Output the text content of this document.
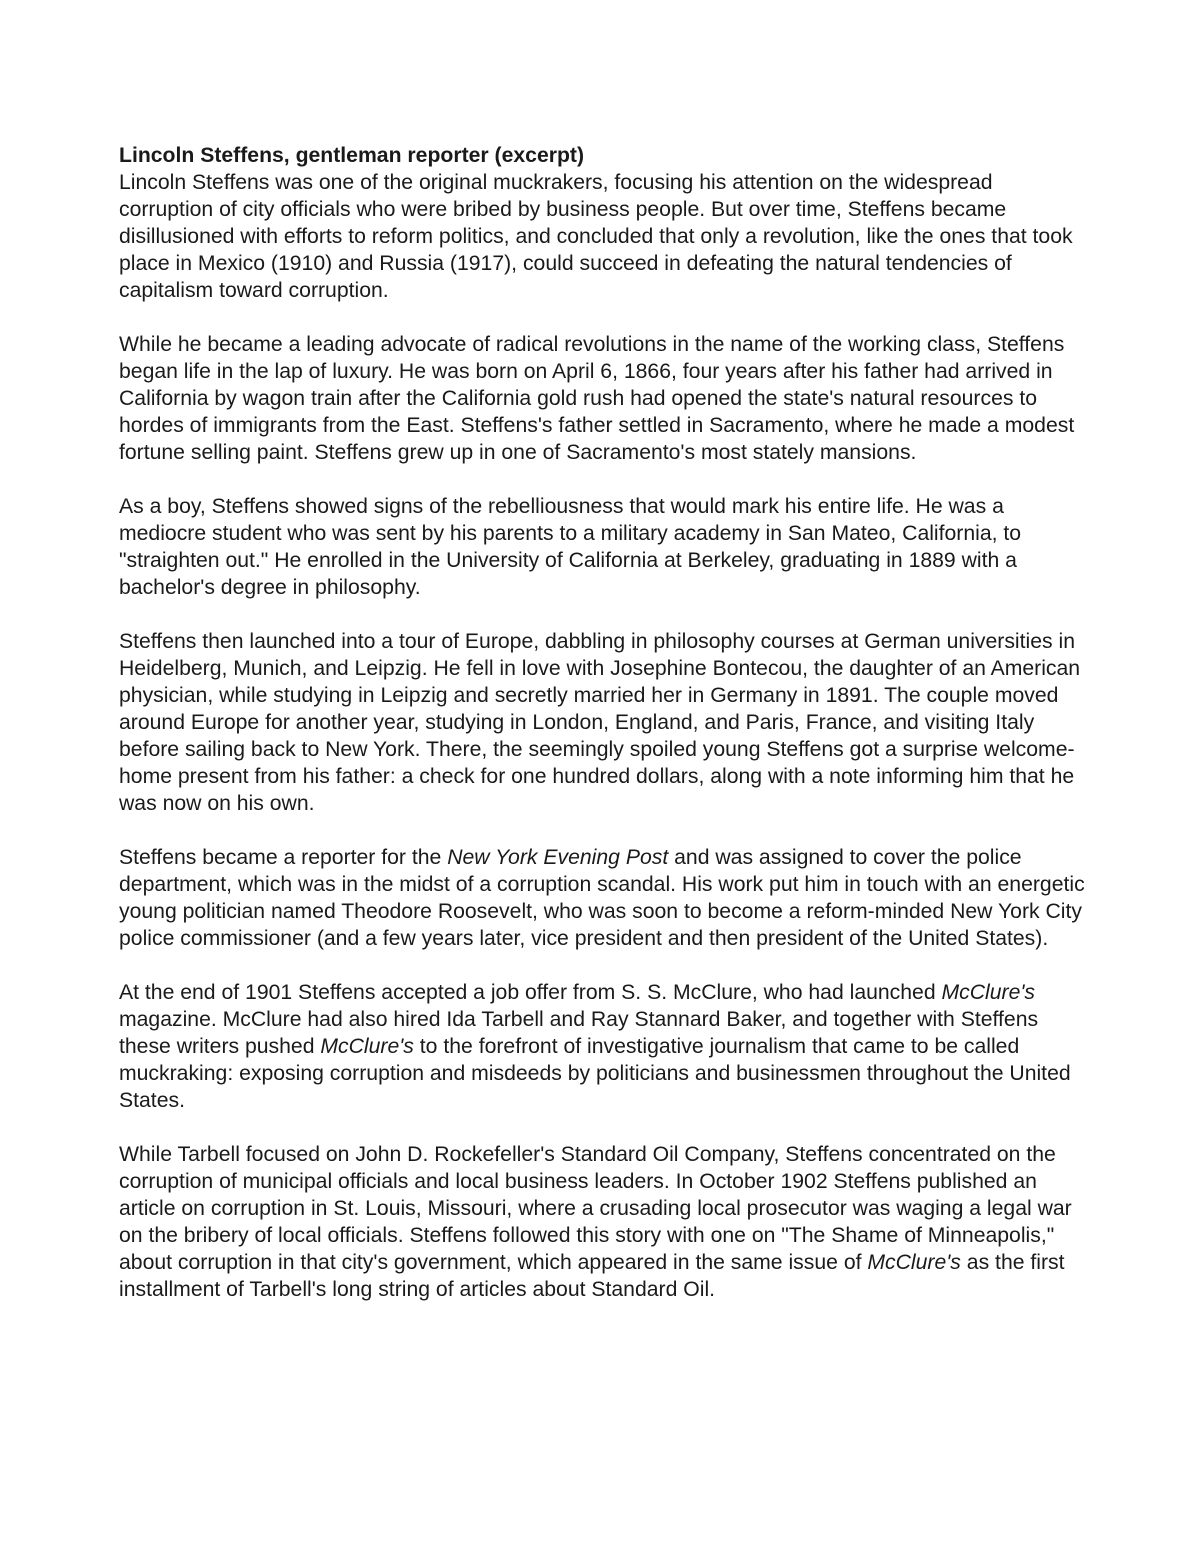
Lincoln Steffens, gentleman reporter (excerpt)

Lincoln Steffens was one of the original muckrakers, focusing his attention on the widespread corruption of city officials who were bribed by business people. But over time, Steffens became disillusioned with efforts to reform politics, and concluded that only a revolution, like the ones that took place in Mexico (1910) and Russia (1917), could succeed in defeating the natural tendencies of capitalism toward corruption.

While he became a leading advocate of radical revolutions in the name of the working class, Steffens began life in the lap of luxury. He was born on April 6, 1866, four years after his father had arrived in California by wagon train after the California gold rush had opened the state's natural resources to hordes of immigrants from the East. Steffens's father settled in Sacramento, where he made a modest fortune selling paint. Steffens grew up in one of Sacramento's most stately mansions.

As a boy, Steffens showed signs of the rebelliousness that would mark his entire life. He was a mediocre student who was sent by his parents to a military academy in San Mateo, California, to "straighten out." He enrolled in the University of California at Berkeley, graduating in 1889 with a bachelor's degree in philosophy.

Steffens then launched into a tour of Europe, dabbling in philosophy courses at German universities in Heidelberg, Munich, and Leipzig. He fell in love with Josephine Bontecou, the daughter of an American physician, while studying in Leipzig and secretly married her in Germany in 1891. The couple moved around Europe for another year, studying in London, England, and Paris, France, and visiting Italy before sailing back to New York. There, the seemingly spoiled young Steffens got a surprise welcome-home present from his father: a check for one hundred dollars, along with a note informing him that he was now on his own.

Steffens became a reporter for the New York Evening Post and was assigned to cover the police department, which was in the midst of a corruption scandal. His work put him in touch with an energetic young politician named Theodore Roosevelt, who was soon to become a reform-minded New York City police commissioner (and a few years later, vice president and then president of the United States).

At the end of 1901 Steffens accepted a job offer from S. S. McClure, who had launched McClure's magazine. McClure had also hired Ida Tarbell and Ray Stannard Baker, and together with Steffens these writers pushed McClure's to the forefront of investigative journalism that came to be called muckraking: exposing corruption and misdeeds by politicians and businessmen throughout the United States.

While Tarbell focused on John D. Rockefeller's Standard Oil Company, Steffens concentrated on the corruption of municipal officials and local business leaders. In October 1902 Steffens published an article on corruption in St. Louis, Missouri, where a crusading local prosecutor was waging a legal war on the bribery of local officials. Steffens followed this story with one on "The Shame of Minneapolis," about corruption in that city's government, which appeared in the same issue of McClure's as the first installment of Tarbell's long string of articles about Standard Oil.
